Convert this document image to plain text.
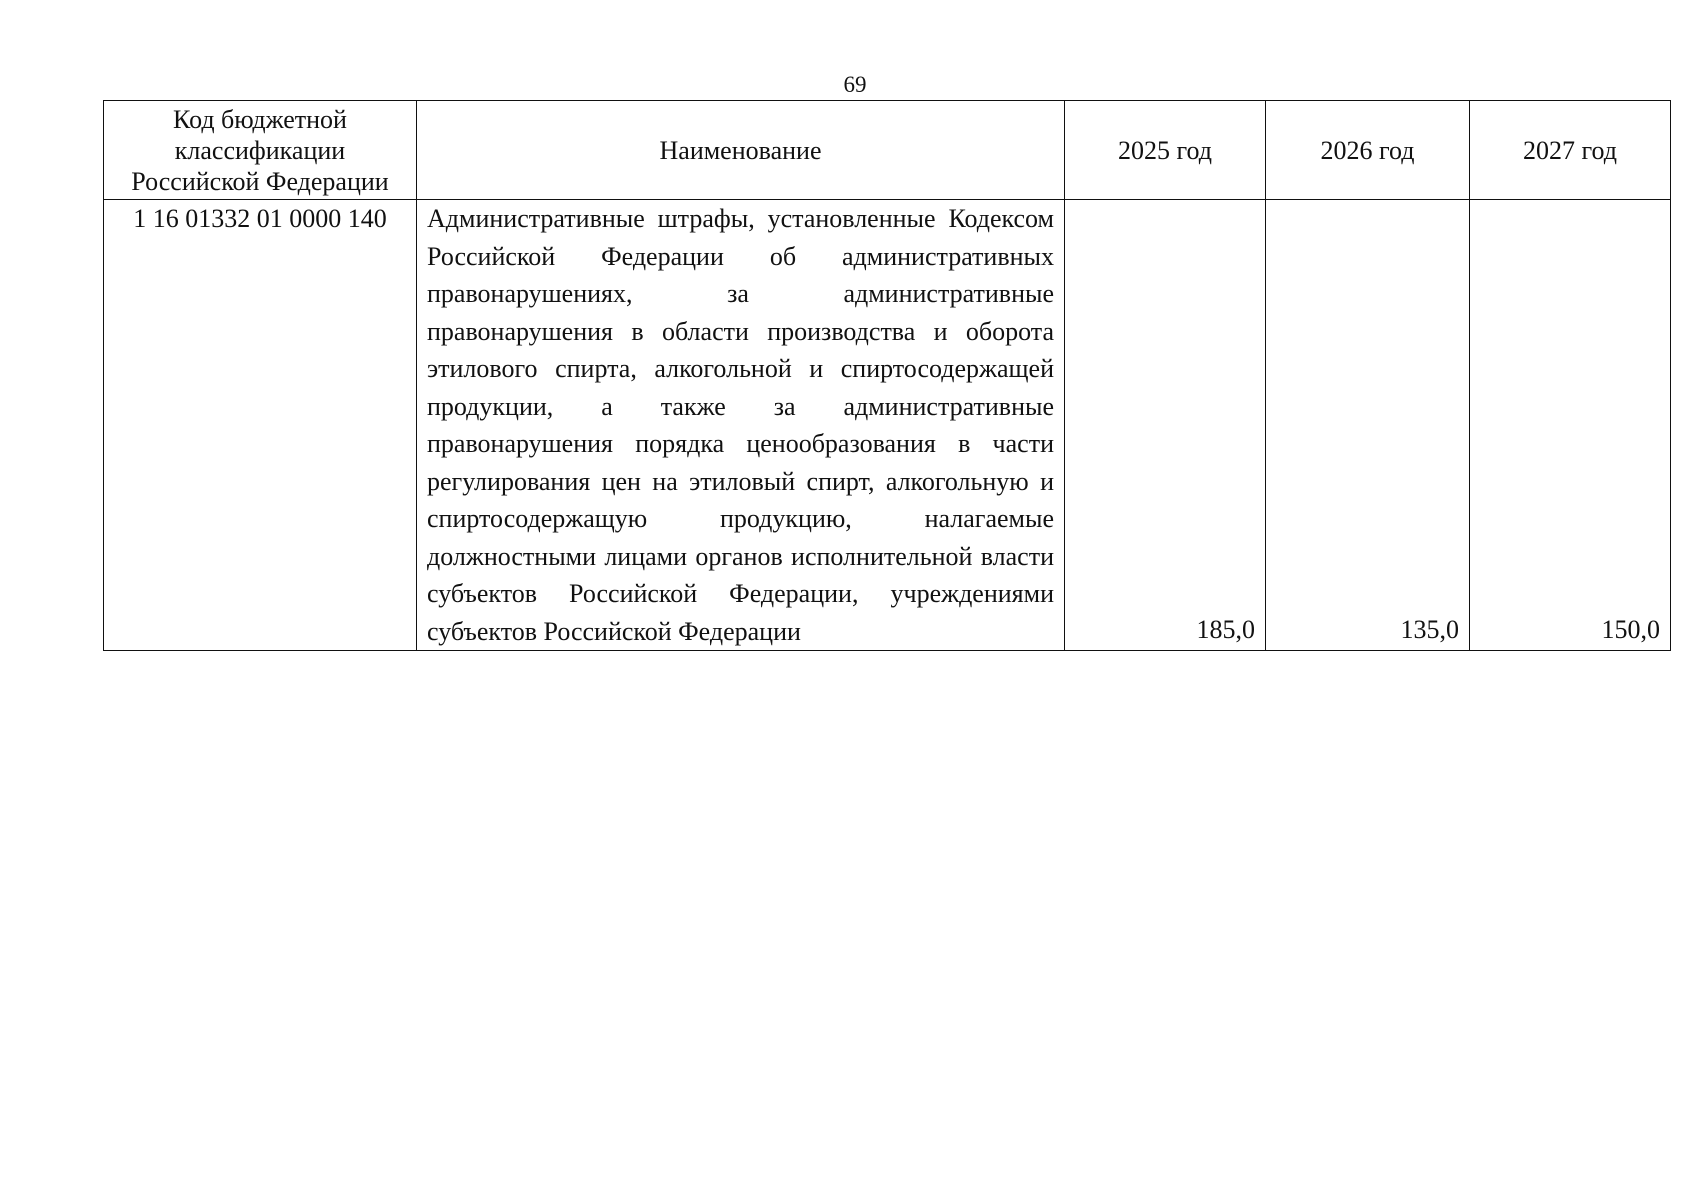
69
Код бюджетной классификации Российской Федерации	Наименование	2025 год	2026 год	2027 год
1 16 01332 01 0000 140	Административные штрафы, установленные Кодексом Российской Федерации об административных правонарушениях, за административные правонарушения в области производства и оборота этилового спирта, алкогольной и спиртосодержащей продукции, а также за административные правонарушения порядка ценообразования в части регулирования цен на этиловый спирт, алкогольную и спиртосодержащую продукцию, налагаемые должностными лицами органов исполнительной власти субъектов Российской Федерации, учреждениями субъектов Российской Федерации	185,0	135,0	150,0
